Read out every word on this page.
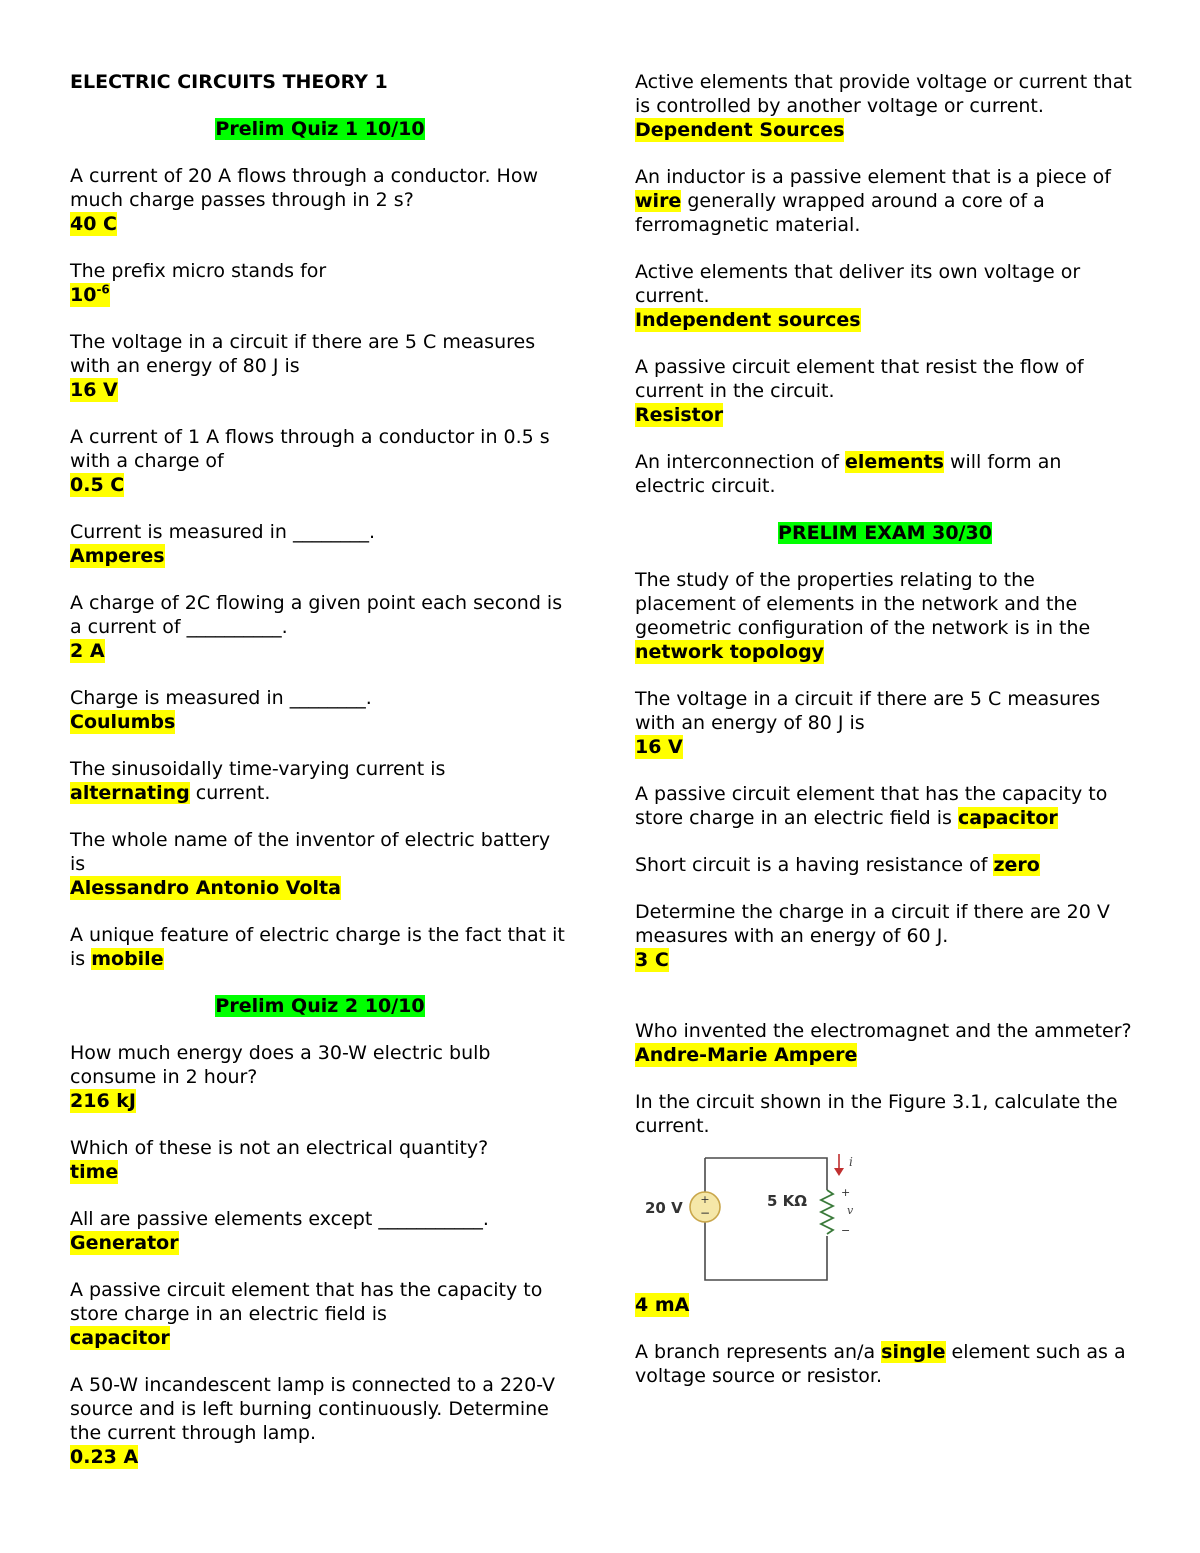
ELECTRIC CIRCUITS THEORY 1
Prelim Quiz 1 10/10
A current of 20 A flows through a conductor. How much charge passes through in 2 s?
40 C
The prefix micro stands for
$10^{-6}$
The voltage in a circuit if there are 5 C measures with an energy of 80 J is
16 V
A current of 1 A flows through a conductor in 0.5 s with a charge of
0.5 C
Current is measured in ________.
Amperes
A charge of 2C flowing a given point each second is a current of __________.
2 A
Charge is measured in ________.
Coulumbs
The sinusoidally time-varying current is alternating current.
The whole name of the inventor of electric battery is
Alessandro Antonio Volta
A unique feature of electric charge is the fact that it is mobile
Prelim Quiz 2 10/10
How much energy does a 30-W electric bulb consume in 2 hour?
216 kJ
Which of these is not an electrical quantity?
time
All are passive elements except ___________.
Generator
A passive circuit element that has the capacity to store charge in an electric field is
capacitor
A 50-W incandescent lamp is connected to a 220-V source and is left burning continuously. Determine the current through lamp.
0.23 A
Active elements that provide voltage or current that is controlled by another voltage or current.
Dependent Sources
An inductor is a passive element that is a piece of wire generally wrapped around a core of a ferromagnetic material.
Active elements that deliver its own voltage or current.
Independent sources
A passive circuit element that resist the flow of current in the circuit.
Resistor
An interconnection of elements will form an electric circuit.
PRELIM EXAM 30/30
The study of the properties relating to the placement of elements in the network and the geometric configuration of the network is in the
network topology
The voltage in a circuit if there are 5 C measures with an energy of 80 J is
16 V
A passive circuit element that has the capacity to store charge in an electric field is capacitor
Short circuit is a having resistance of zero
Determine the charge in a circuit if there are 20 V measures with an energy of 60 J.
3 C
Who invented the electromagnet and the ammeter?
Andre-Marie Ampere
In the circuit shown in the Figure 3.1, calculate the current.
+
−
i
+
v
−
20 V	5 KΩ
4 mA
A branch represents an/a single element such as a voltage source or resistor.
